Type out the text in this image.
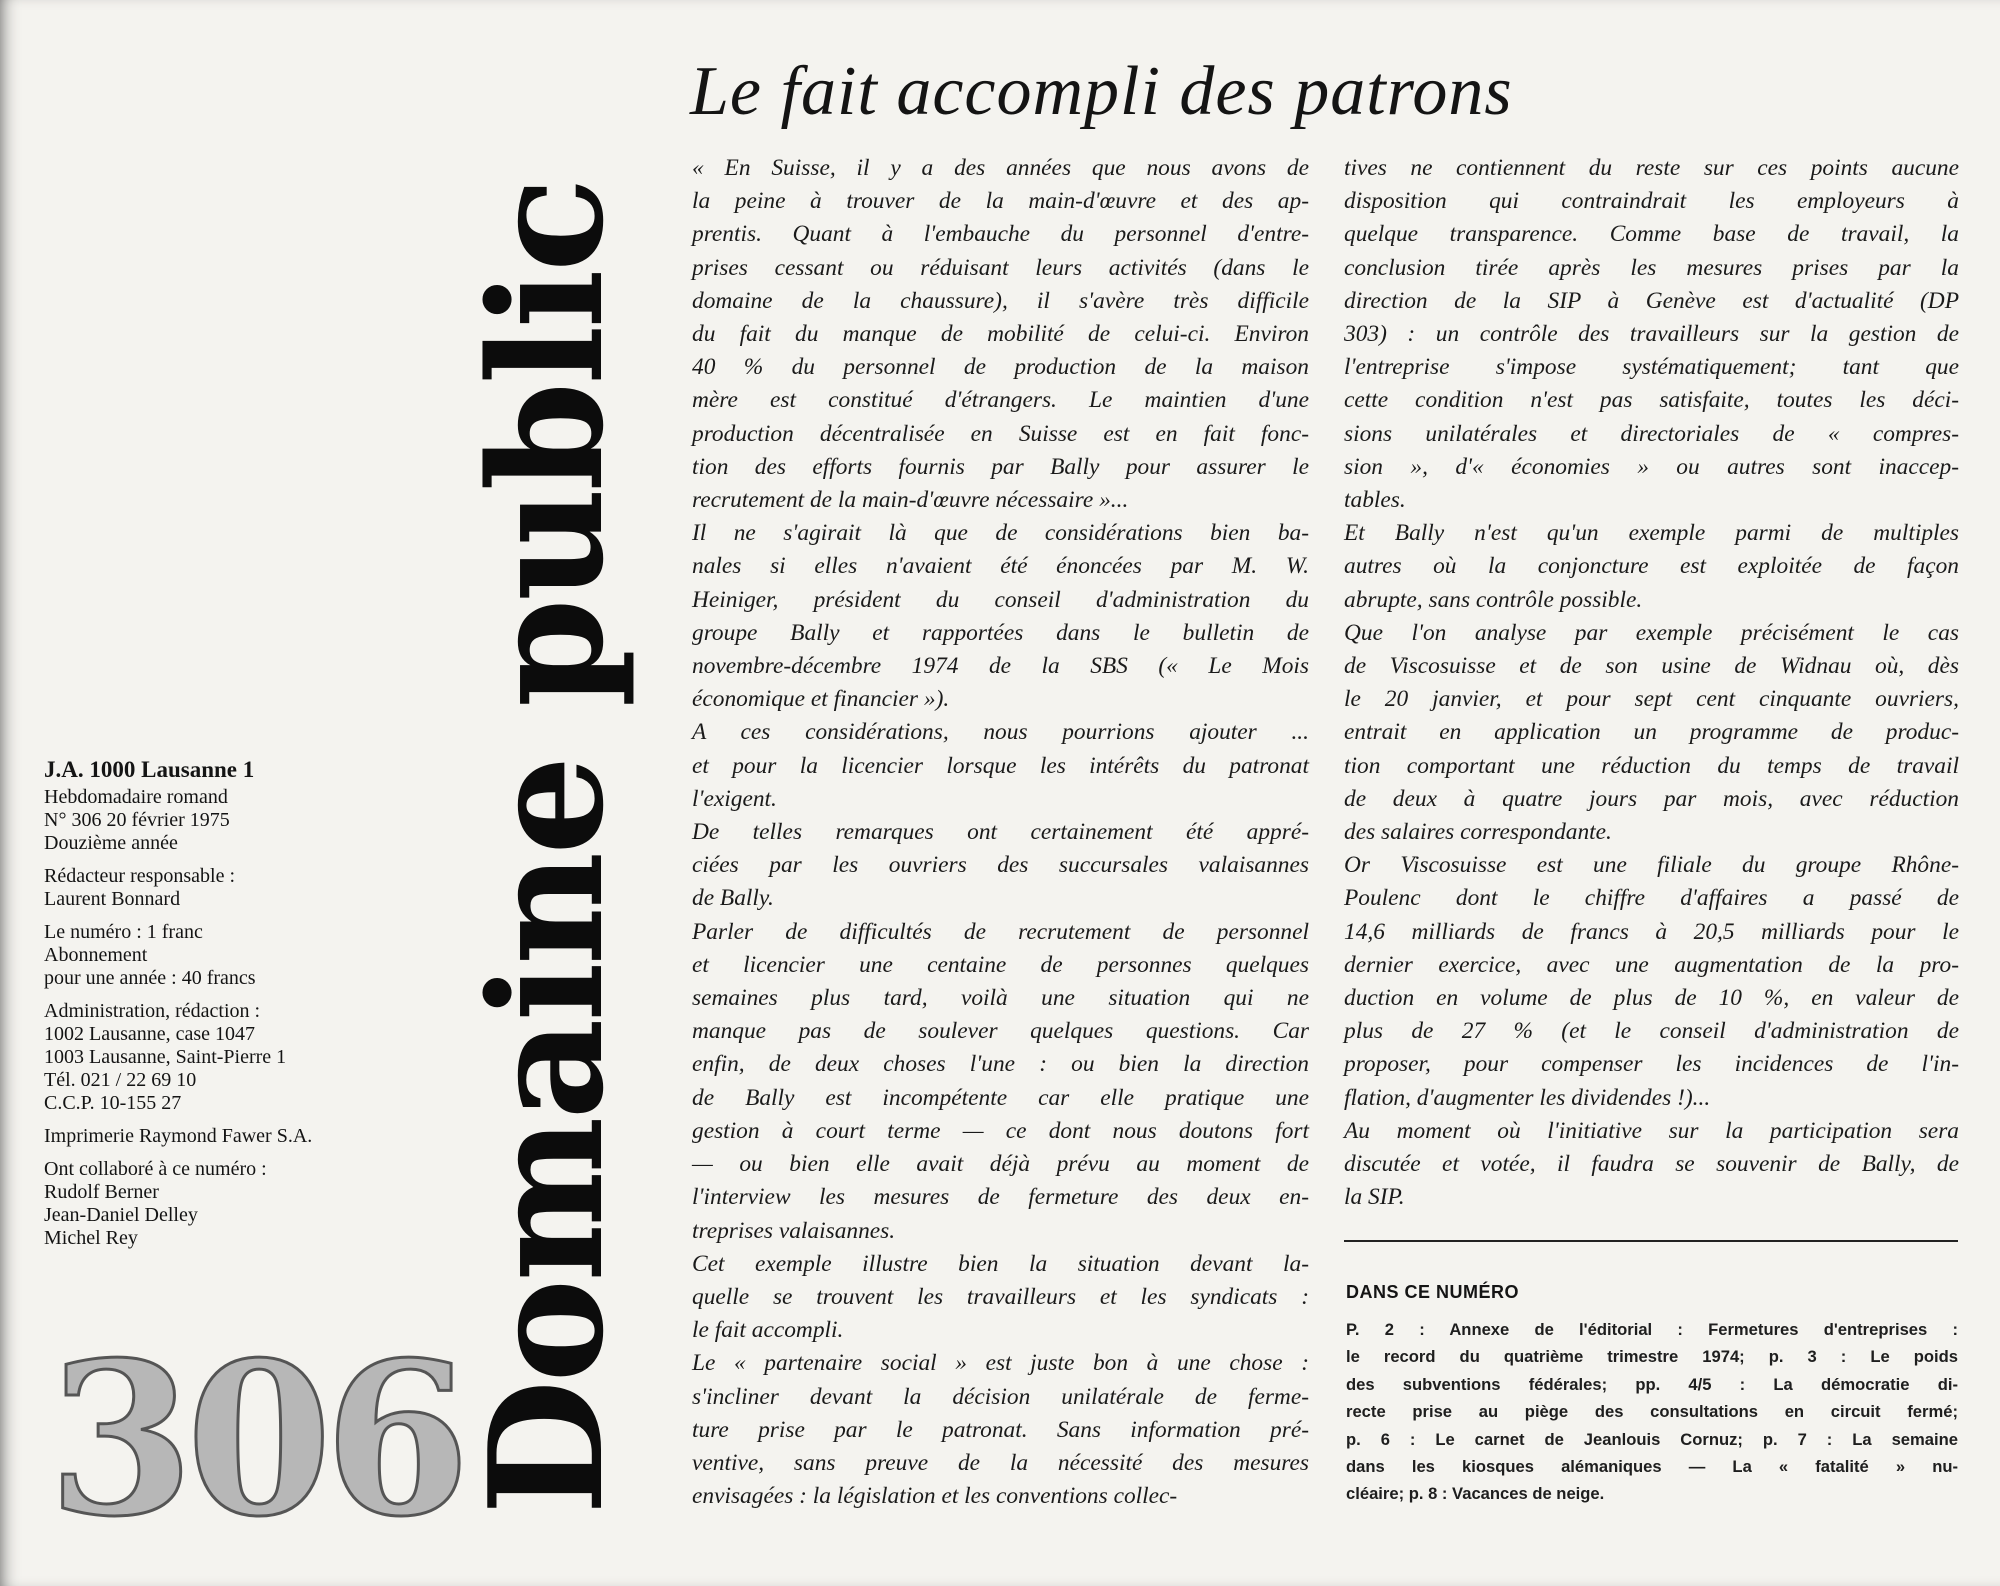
Le fait accompli des patrons
Domaine public
J.A. 1000 Lausanne 1
Hebdomadaire romand
N° 306 20 février 1975
Douzième année
Rédacteur responsable :
Laurent Bonnard
Le numéro : 1 franc
Abonnement
pour une année : 40 francs
Administration, rédaction :
1002 Lausanne, case 1047
1003 Lausanne, Saint-Pierre 1
Tél. 021 / 22 69 10
C.C.P. 10-155 27
Imprimerie Raymond Fawer S.A.
Ont collaboré à ce numéro :
Rudolf Berner
Jean-Daniel Delley
Michel Rey
306
« En Suisse, il y a des années que nous avons de
la peine à trouver de la main-d'œuvre et des ap-
prentis. Quant à l'embauche du personnel d'entre-
prises cessant ou réduisant leurs activités (dans le
domaine de la chaussure), il s'avère très difficile
du fait du manque de mobilité de celui-ci. Environ
40 % du personnel de production de la maison
mère est constitué d'étrangers. Le maintien d'une
production décentralisée en Suisse est en fait fonc-
tion des efforts fournis par Bally pour assurer le
recrutement de la main-d'œuvre nécessaire »...
Il ne s'agirait là que de considérations bien ba-
nales si elles n'avaient été énoncées par M. W.
Heiniger, président du conseil d'administration du
groupe Bally et rapportées dans le bulletin de
novembre-décembre 1974 de la SBS (« Le Mois
économique et financier »).
A ces considérations, nous pourrions ajouter ...
et pour la licencier lorsque les intérêts du patronat
l'exigent.
De telles remarques ont certainement été appré-
ciées par les ouvriers des succursales valaisannes
de Bally.
Parler de difficultés de recrutement de personnel
et licencier une centaine de personnes quelques
semaines plus tard, voilà une situation qui ne
manque pas de soulever quelques questions. Car
enfin, de deux choses l'une : ou bien la direction
de Bally est incompétente car elle pratique une
gestion à court terme — ce dont nous doutons fort
— ou bien elle avait déjà prévu au moment de
l'interview les mesures de fermeture des deux en-
treprises valaisannes.
Cet exemple illustre bien la situation devant la-
quelle se trouvent les travailleurs et les syndicats :
le fait accompli.
Le « partenaire social » est juste bon à une chose :
s'incliner devant la décision unilatérale de ferme-
ture prise par le patronat. Sans information pré-
ventive, sans preuve de la nécessité des mesures
envisagées : la législation et les conventions collec-
tives ne contiennent du reste sur ces points aucune
disposition qui contraindrait les employeurs à
quelque transparence. Comme base de travail, la
conclusion tirée après les mesures prises par la
direction de la SIP à Genève est d'actualité (DP
303) : un contrôle des travailleurs sur la gestion de
l'entreprise s'impose systématiquement; tant que
cette condition n'est pas satisfaite, toutes les déci-
sions unilatérales et directoriales de « compres-
sion », d'« économies » ou autres sont inaccep-
tables.
Et Bally n'est qu'un exemple parmi de multiples
autres où la conjoncture est exploitée de façon
abrupte, sans contrôle possible.
Que l'on analyse par exemple précisément le cas
de Viscosuisse et de son usine de Widnau où, dès
le 20 janvier, et pour sept cent cinquante ouvriers,
entrait en application un programme de produc-
tion comportant une réduction du temps de travail
de deux à quatre jours par mois, avec réduction
des salaires correspondante.
Or Viscosuisse est une filiale du groupe Rhône-
Poulenc dont le chiffre d'affaires a passé de
14,6 milliards de francs à 20,5 milliards pour le
dernier exercice, avec une augmentation de la pro-
duction en volume de plus de 10 %, en valeur de
plus de 27 % (et le conseil d'administration de
proposer, pour compenser les incidences de l'in-
flation, d'augmenter les dividendes !)...
Au moment où l'initiative sur la participation sera
discutée et votée, il faudra se souvenir de Bally, de
la SIP.
DANS CE NUMÉRO
P. 2 : Annexe de l'éditorial : Fermetures d'entreprises :
le record du quatrième trimestre 1974; p. 3 : Le poids
des subventions fédérales; pp. 4/5 : La démocratie di-
recte prise au piège des consultations en circuit fermé;
p. 6 : Le carnet de Jeanlouis Cornuz; p. 7 : La semaine
dans les kiosques alémaniques — La « fatalité » nu-
cléaire; p. 8 : Vacances de neige.
